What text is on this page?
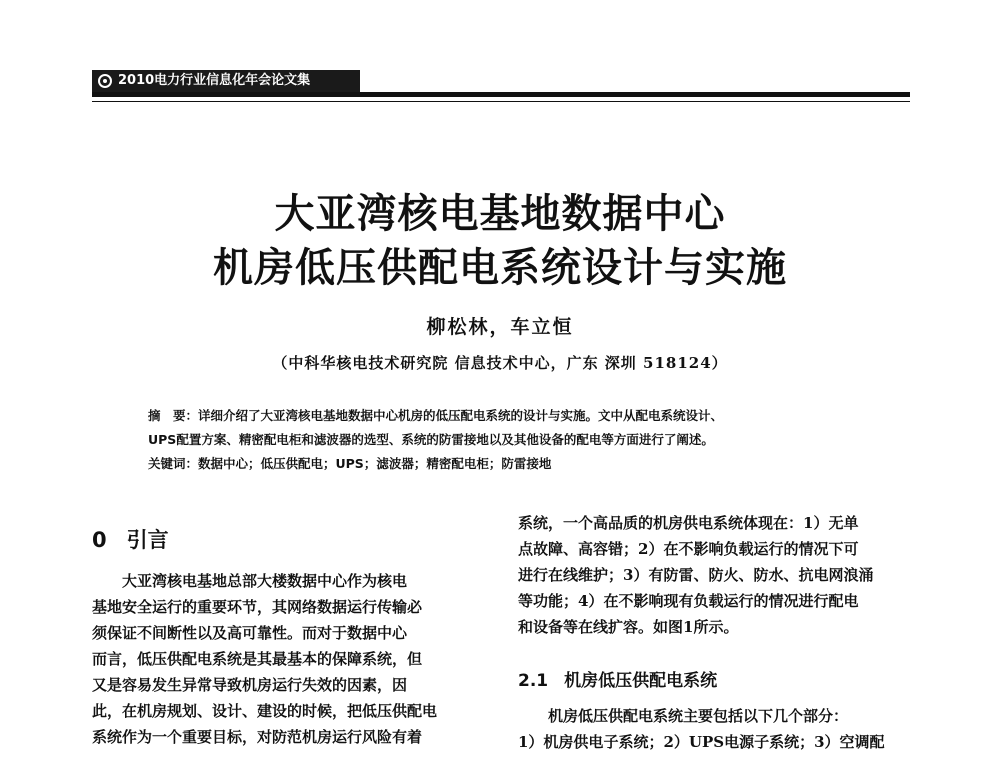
2010电力行业信息化年会论文集
大亚湾核电基地数据中心
机房低压供配电系统设计与实施
柳松林，车立恒
（中科华核电技术研究院 信息技术中心，广东 深圳 518124）
摘　要：详细介绍了大亚湾核电基地数据中心机房的低压配电系统的设计与实施。文中从配电系统设计、
UPS配置方案、精密配电柜和滤波器的选型、系统的防雷接地以及其他设备的配电等方面进行了阐述。
关键词：数据中心；低压供配电；UPS；滤波器；精密配电柜；防雷接地
0 引言
大亚湾核电基地总部大楼数据中心作为核电
基地安全运行的重要环节，其网络数据运行传输必
须保证不间断性以及高可靠性。而对于数据中心
而言，低压供配电系统是其最基本的保障系统，但
又是容易发生异常导致机房运行失效的因素，因
此，在机房规划、设计、建设的时候，把低压供配电
系统作为一个重要目标，对防范机房运行风险有着
系统，一个高品质的机房供电系统体现在：1）无单
点故障、高容错；2）在不影响负载运行的情况下可
进行在线维护；3）有防雷、防火、防水、抗电网浪涌
等功能；4）在不影响现有负载运行的情况进行配电
和设备等在线扩容。如图1所示。
2.1 机房低压供配电系统
机房低压供配电系统主要包括以下几个部分：
1）机房供电子系统；2）UPS电源子系统；3）空调配
